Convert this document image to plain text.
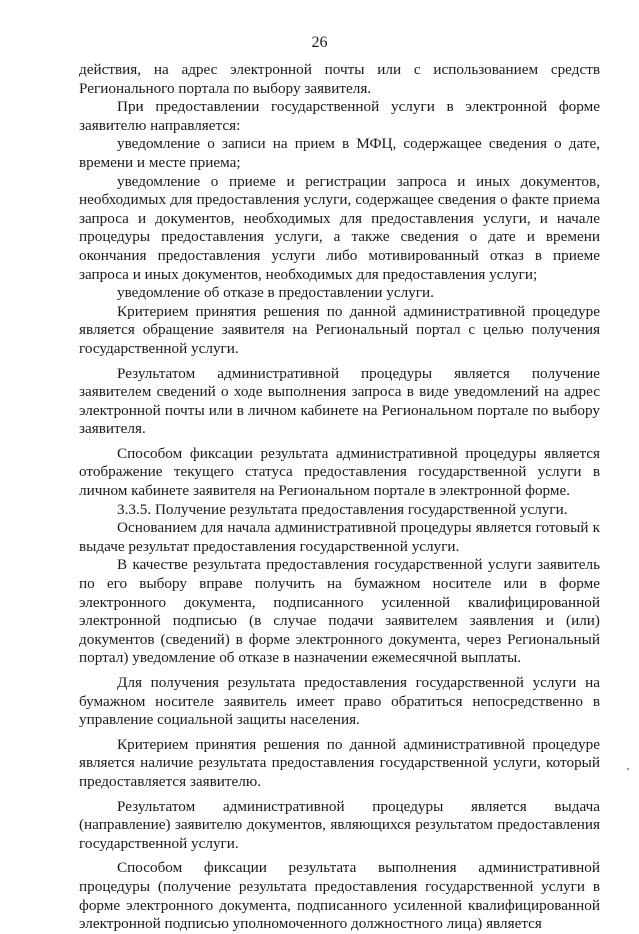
26

действия, на адрес электронной почты или с использованием средств Регионального портала по выбору заявителя.

При предоставлении государственной услуги в электронной форме заявителю направляется:

уведомление о записи на прием в МФЦ, содержащее сведения о дате, времени и месте приема;

уведомление о приеме и регистрации запроса и иных документов, необходимых для предоставления услуги, содержащее сведения о факте приема запроса и документов, необходимых для предоставления услуги, и начале процедуры предоставления услуги, а также сведения о дате и времени окончания предоставления услуги либо мотивированный отказ в приеме запроса и иных документов, необходимых для предоставления услуги;

уведомление об отказе в предоставлении услуги.

Критерием принятия решения по данной административной процедуре является обращение заявителя на Региональный портал с целью получения государственной услуги.

Результатом административной процедуры является получение заявителем сведений о ходе выполнения запроса в виде уведомлений на адрес электронной почты или в личном кабинете на Региональном портале по выбору заявителя.

Способом фиксации результата административной процедуры является отображение текущего статуса предоставления государственной услуги в личном кабинете заявителя на Региональном портале в электронной форме.

3.3.5. Получение результата предоставления государственной услуги.

Основанием для начала административной процедуры является готовый к выдаче результат предоставления государственной услуги.

В качестве результата предоставления государственной услуги заявитель по его выбору вправе получить на бумажном носителе или в форме электронного документа, подписанного усиленной квалифицированной электронной подписью (в случае подачи заявителем заявления и (или) документов (сведений) в форме электронного документа, через Региональный портал) уведомление об отказе в назначении ежемесячной выплаты.

Для получения результата предоставления государственной услуги на бумажном носителе заявитель имеет право обратиться непосредственно в управление социальной защиты населения.

Критерием принятия решения по данной административной процедуре является наличие результата предоставления государственной услуги, который предоставляется заявителю.

Результатом административной процедуры является выдача (направление) заявителю документов, являющихся результатом предоставления государственной услуги.

Способом фиксации результата выполнения административной процедуры (получение результата предоставления государственной услуги в форме электронного документа, подписанного усиленной квалифицированной электронной подписью уполномоченного должностного лица) является
